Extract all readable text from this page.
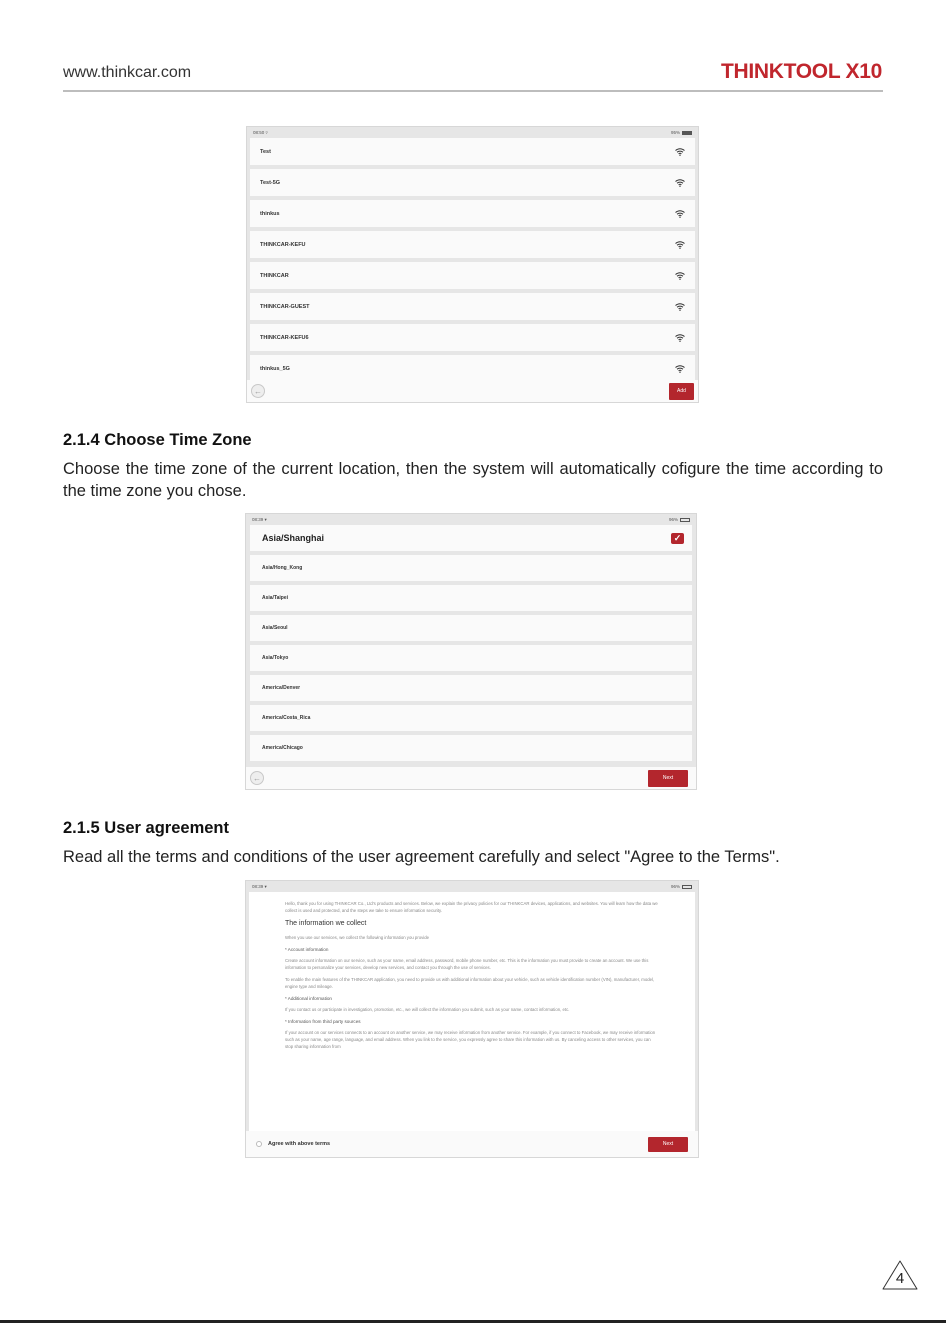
www.thinkcar.com	THINKTOOL X10
08:50 ▿	95%
Test
Test-5G
thinkus
THINKCAR-KEFU
THINKCAR
THINKCAR-GUEST
THINKCAR-KEFU6
thinkus_5G
←	Add
2.1.4 Choose Time Zone
Choose the time zone of the current location, then the system will automatically cofigure the time according to the time zone you chose.
08:39 ▾	96%
Asia/Shanghai	✓
Asia/Hong_Kong
Asia/Taipei
Asia/Seoul
Asia/Tokyo
America/Denver
America/Costa_Rica
America/Chicago
←	Next
2.1.5 User agreement
Read all the terms and conditions of the user agreement carefully and select "Agree to the Terms".
08:39 ▾	96%

Hello, thank you for using THINKCAR Co., Ltd's products and services. Below, we explain the privacy policies for our THINKCAR devices, applications, and websites. You will learn how the data we collect is used and protected, and the steps we take to ensure information security.

The information we collect

When you use our services, we collect the following information you provide

* Account information

Create account information on our service, such as your name, email address, password, mobile phone number, etc. This is the information you must provide to create an account. We use this information to personalize your services, develop new services, and contact you through the use of services.

To enable the main features of the THINKCAR application, you need to provide us with additional information about your vehicle, such as vehicle identification number (VIN), manufacturer, model, engine type and mileage.

* Additional information

If you contact us or participate in investigation, promotion, etc., we will collect the information you submit, such as your name, contact information, etc.

* Information from third party sources

If your account on our services connects to an account on another service, we may receive information from another service. For example, if you connect to Facebook, we may receive information such as your name, age range, language, and email address. When you link to the service, you expressly agree to share this information with us. By canceling access to other services, you can stop sharing information from

Agree with above terms	Next
4
